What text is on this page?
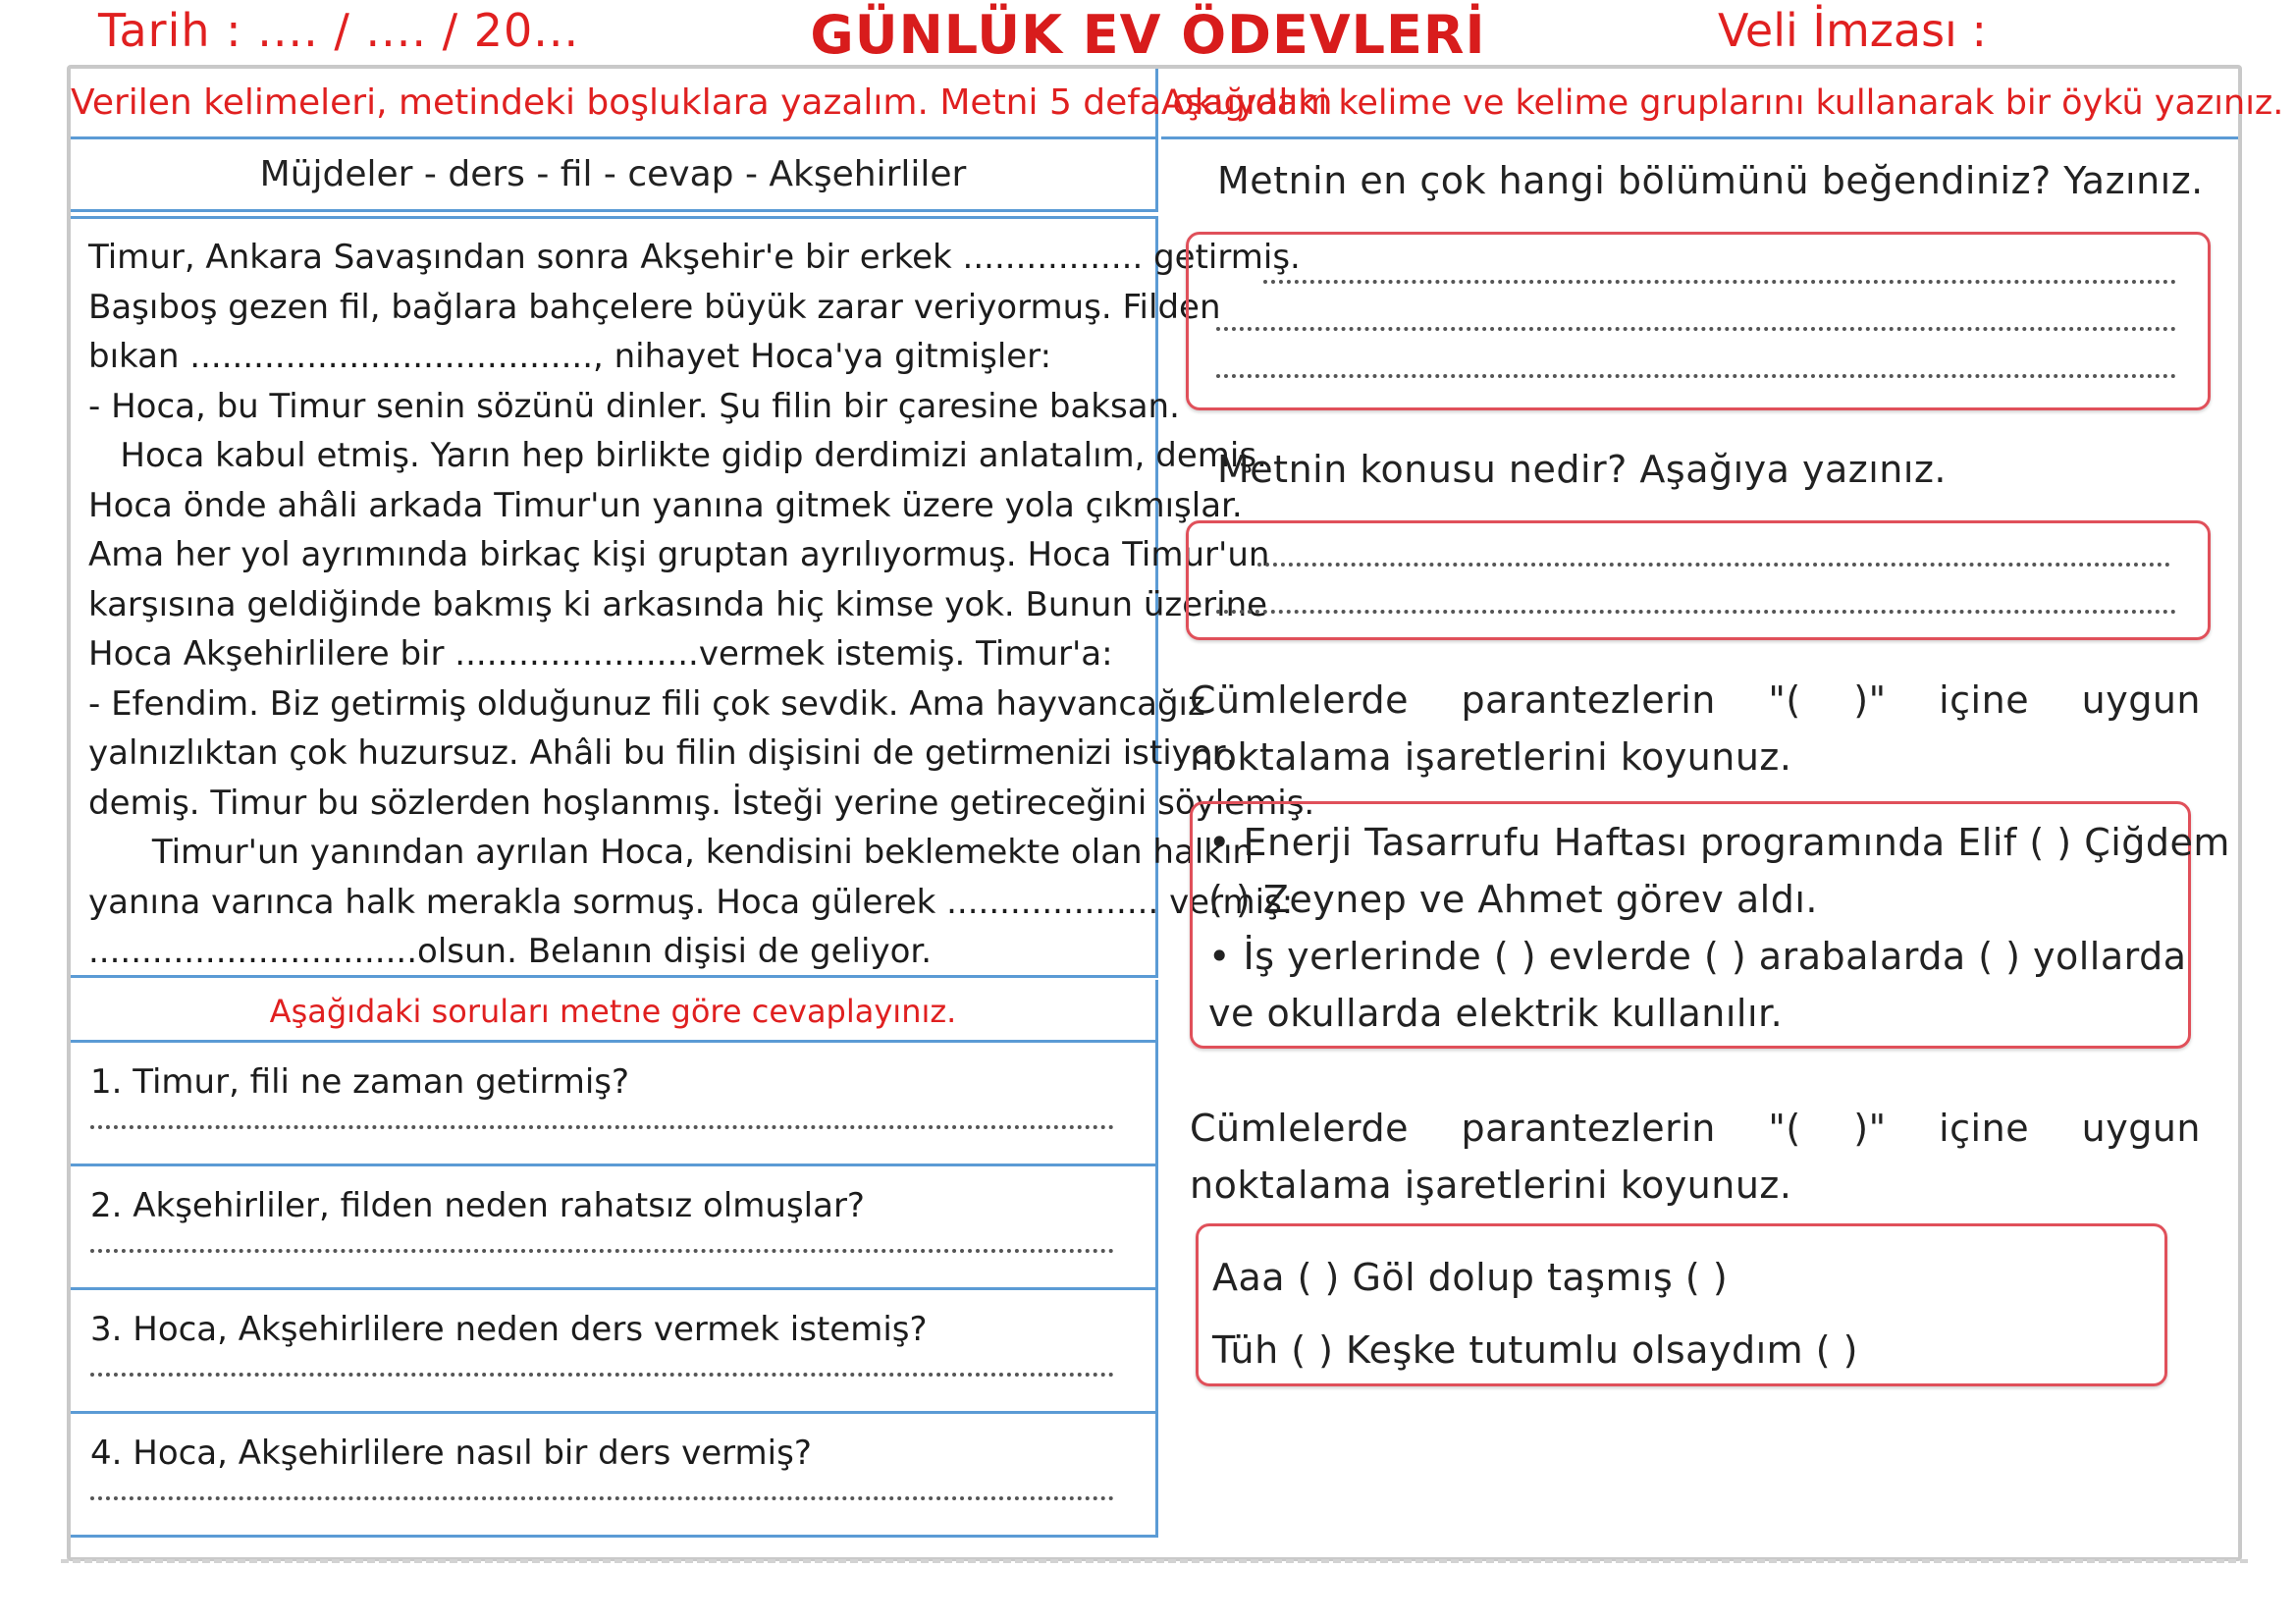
Tarih : .... / .... / 20...	GÜNLÜK EV ÖDEVLERİ	Veli İmzası :
Verilen kelimeleri, metindeki boşluklara yazalım. Metni 5 defa okuyalım
Müjdeler - ders - fil - cevap - Akşehirliler
Timur, Ankara Savaşından sonra Akşehir'e bir erkek ................. getirmiş.
Başıboş gezen fil, bağlara bahçelere büyük zarar veriyormuş. Filden
bıkan ......................................, nihayet Hoca'ya gitmişler:
- Hoca, bu Timur senin sözünü dinler. Şu filin bir çaresine baksan.
Hoca kabul etmiş. Yarın hep birlikte gidip derdimizi anlatalım, demiş.
Hoca önde ahâli arkada Timur'un yanına gitmek üzere yola çıkmışlar.
Ama her yol ayrımında birkaç kişi gruptan ayrılıyormuş. Hoca Timur'un
karşısına geldiğinde bakmış ki arkasında hiç kimse yok. Bunun üzerine
Hoca Akşehirlilere bir .......................vermek istemiş. Timur'a:
- Efendim. Biz getirmiş olduğunuz fili çok sevdik. Ama hayvancağız
yalnızlıktan çok huzursuz. Ahâli bu filin dişisini de getirmenizi istiyor,
demiş. Timur bu sözlerden hoşlanmış. İsteği yerine getireceğini söylemiş.
Timur'un yanından ayrılan Hoca, kendisini beklemekte olan halkın
yanına varınca halk merakla sormuş. Hoca gülerek .................... vermiş:
...............................olsun. Belanın dişisi de geliyor.
Aşağıdaki soruları metne göre cevaplayınız.
1. Timur, fili ne zaman getirmiş?
2. Akşehirliler, filden neden rahatsız olmuşlar?
3. Hoca, Akşehirlilere neden ders vermek istemiş?
4. Hoca, Akşehirlilere nasıl bir ders vermiş?
Aşağıdaki kelime ve kelime gruplarını kullanarak bir öykü yazınız.
Metnin en çok hangi bölümünü beğendiniz? Yazınız.
Metnin konusu nedir? Aşağıya yazınız.
Cümlelerde parantezlerin "( )" içine uygun noktalama işaretlerini koyunuz.
• Enerji Tasarrufu Haftası programında Elif ( ) Çiğdem
( ) Zeynep ve Ahmet görev aldı.
• İş yerlerinde ( ) evlerde ( ) arabalarda ( ) yollarda
ve okullarda elektrik kullanılır.
Cümlelerde parantezlerin "( )" içine uygun noktalama işaretlerini koyunuz.
Aaa ( ) Göl dolup taşmış ( )
Tüh ( ) Keşke tutumlu olsaydım ( )
